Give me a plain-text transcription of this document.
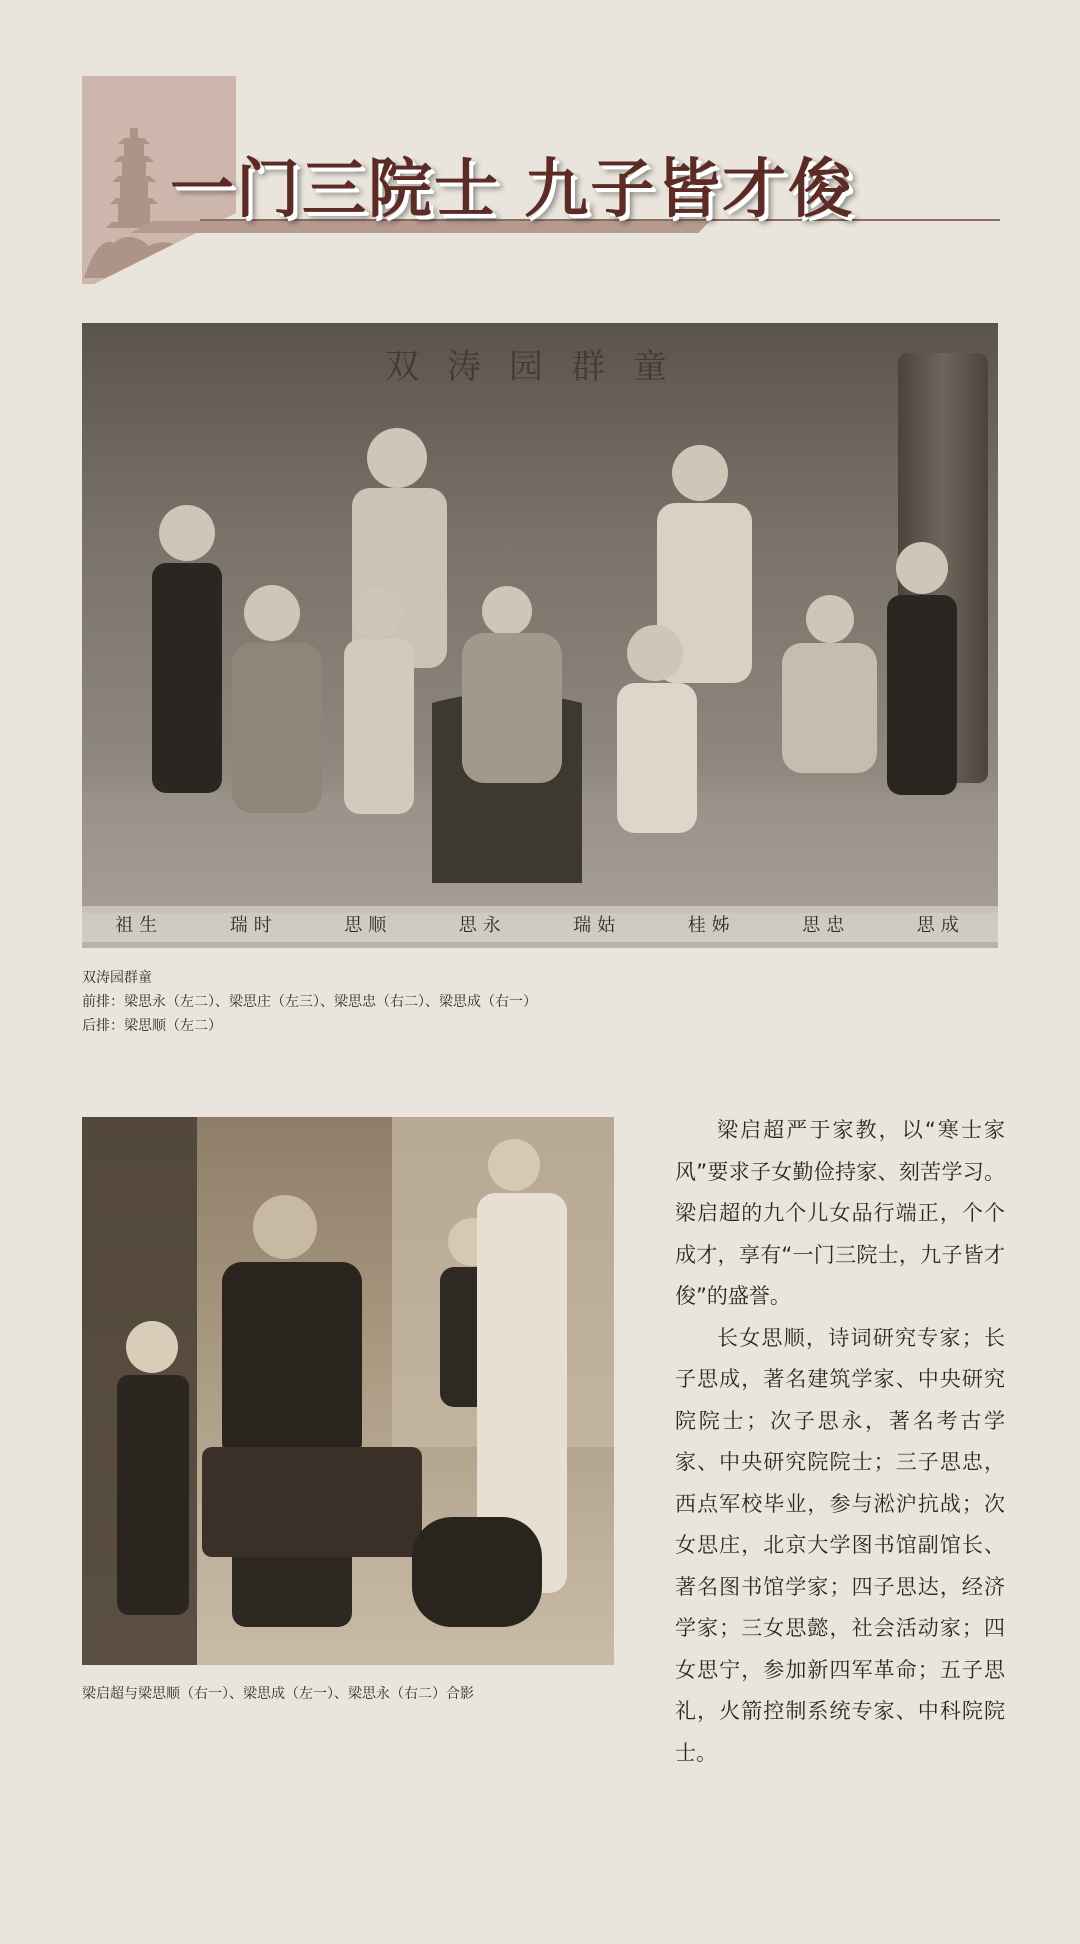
一门三院士 九子皆才俊
双涛园群童
祖生	瑞时	思顺	思永	瑞姑	桂姊	思忠	思成
双涛园群童
前排：梁思永（左二）、梁思庄（左三）、梁思忠（右二）、梁思成（右一）
后排：梁思顺（左二）
梁启超与梁思顺（右一）、梁思成（左一）、梁思永（右二）合影

梁启超严于家教，以“寒士家风”要求子女勤俭持家、刻苦学习。梁启超的九个儿女品行端正，个个成才，享有“一门三院士，九子皆才俊”的盛誉。

长女思顺，诗词研究专家；长子思成，著名建筑学家、中央研究院院士；次子思永，著名考古学家、中央研究院院士；三子思忠，西点军校毕业，参与淞沪抗战；次女思庄，北京大学图书馆副馆长、著名图书馆学家；四子思达，经济学家；三女思懿，社会活动家；四女思宁，参加新四军革命；五子思礼，火箭控制系统专家、中科院院士。
